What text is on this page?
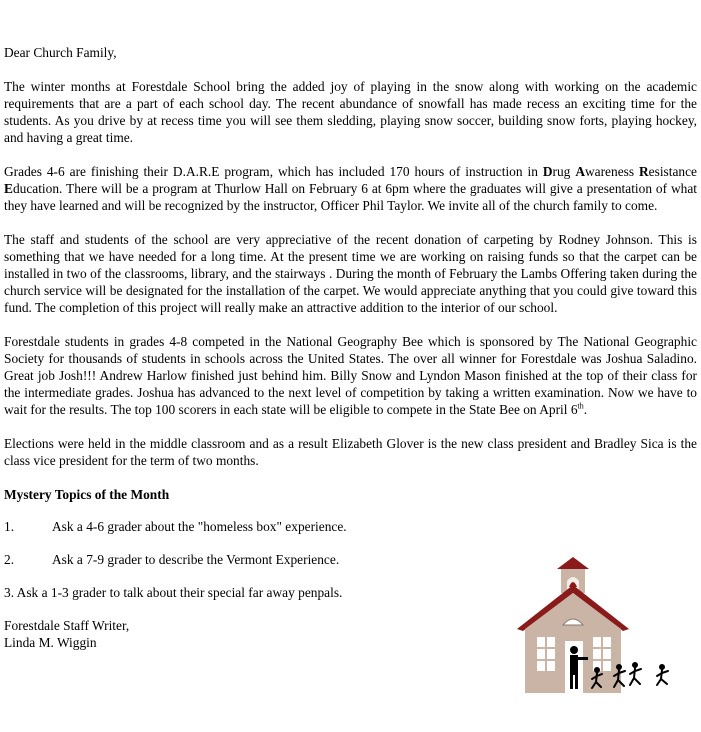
Dear Church Family,

The winter months at Forestdale School bring the added joy of playing in the snow along with working on the academic requirements that are a part of each school day. The recent abundance of snowfall has made recess an exciting time for the students. As you drive by at recess time you will see them sledding, playing snow soccer, building snow forts, playing hockey, and having a great time.

Grades 4-6 are finishing their D.A.R.E program, which has included 170 hours of instruction in Drug Awareness Resistance Education. There will be a program at Thurlow Hall on February 6 at 6pm where the graduates will give a presentation of what they have learned and will be recognized by the instructor, Officer Phil Taylor. We invite all of the church family to come.

The staff and students of the school are very appreciative of the recent donation of carpeting by Rodney Johnson. This is something that we have needed for a long time. At the present time we are working on raising funds so that the carpet can be installed in two of the classrooms, library, and the stairways . During the month of February the Lambs Offering taken during the church service will be designated for the installation of the carpet. We would appreciate anything that you could give toward this fund. The completion of this project will really make an attractive addition to the interior of our school.

Forestdale students in grades 4-8 competed in the National Geography Bee which is sponsored by The National Geographic Society for thousands of students in schools across the United States. The over all winner for Forestdale was Joshua Saladino. Great job Josh!!! Andrew Harlow finished just behind him. Billy Snow and Lyndon Mason finished at the top of their class for the intermediate grades. Joshua has advanced to the next level of competition by taking a written examination. Now we have to wait for the results. The top 100 scorers in each state will be eligible to compete in the State Bee on April 6th.

Elections were held in the middle classroom and as a result Elizabeth Glover is the new class president and Bradley Sica is the class vice president for the term of two months.

Mystery Topics of the Month

1.	Ask a 4-6 grader about the "homeless box" experience.

2.	Ask a 7-9 grader to describe the Vermont Experience.

3. Ask a 1-3 grader to talk about their special far away penpals.

Forestdale Staff Writer,

Linda M. Wiggin
